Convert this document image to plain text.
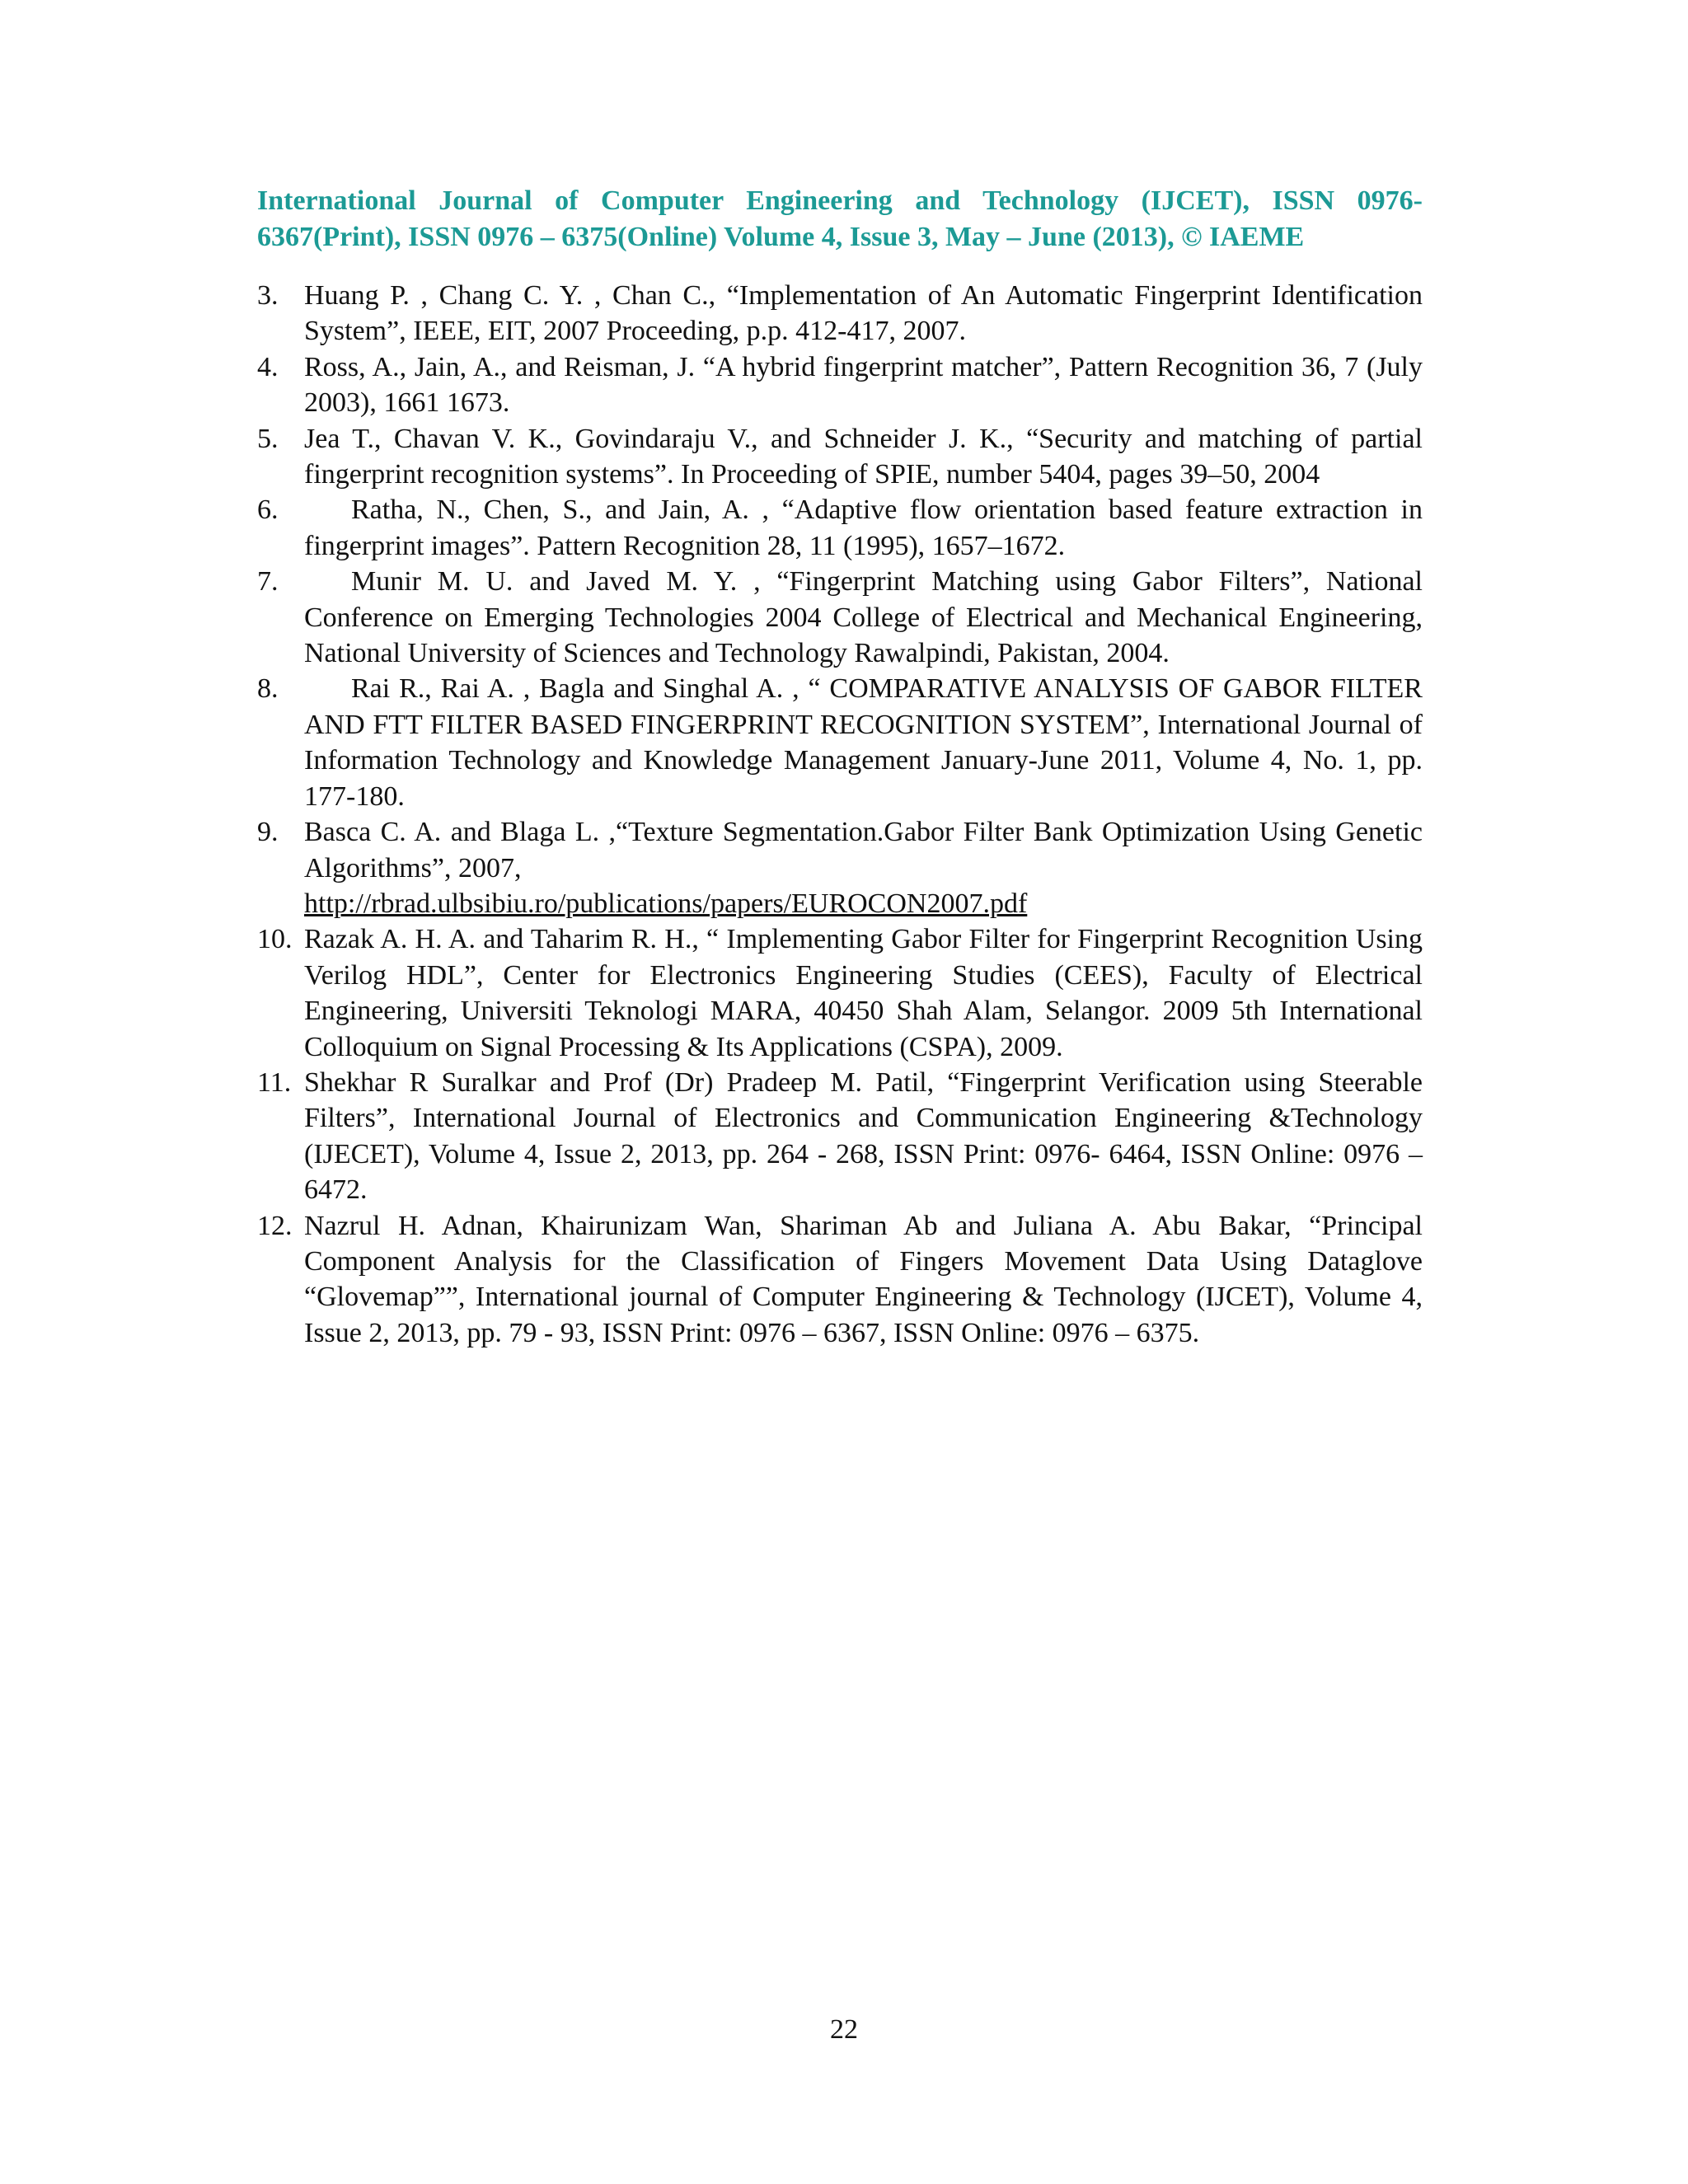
International Journal of Computer Engineering and Technology (IJCET), ISSN 0976-6367(Print), ISSN 0976 – 6375(Online) Volume 4, Issue 3, May – June (2013), © IAEME
3. Huang P. , Chang C. Y. , Chan C., “Implementation of An Automatic Fingerprint Identification System”, IEEE, EIT, 2007 Proceeding, p.p. 412-417, 2007.
4. Ross, A., Jain, A., and Reisman, J. “A hybrid fingerprint matcher”, Pattern Recognition 36, 7 (July 2003), 1661 1673.
5. Jea T., Chavan V. K., Govindaraju V., and Schneider J. K., “Security and matching of partial fingerprint recognition systems”. In Proceeding of SPIE, number 5404, pages 39–50, 2004
6.	Ratha, N., Chen, S., and Jain, A. , “Adaptive flow orientation based feature extraction in fingerprint images”. Pattern Recognition 28, 11 (1995), 1657–1672.
7.	Munir M. U. and Javed M. Y. , “Fingerprint Matching using Gabor Filters”, National Conference on Emerging Technologies 2004 College of Electrical and Mechanical Engineering, National University of Sciences and Technology Rawalpindi, Pakistan, 2004.
8.	Rai R., Rai A. , Bagla and Singhal A. , “ COMPARATIVE ANALYSIS OF GABOR FILTER AND FTT FILTER BASED FINGERPRINT RECOGNITION SYSTEM”, International Journal of Information Technology and Knowledge Management January-June 2011, Volume 4, No. 1, pp. 177-180.
9. Basca C. A. and Blaga L. ,“Texture Segmentation.Gabor Filter Bank Optimization Using Genetic Algorithms”, 2007,
http://rbrad.ulbsibiu.ro/publications/papers/EUROCON2007.pdf
10. Razak A. H. A. and Taharim R. H., “ Implementing Gabor Filter for Fingerprint Recognition Using Verilog HDL”, Center for Electronics Engineering Studies (CEES), Faculty of Electrical Engineering, Universiti Teknologi MARA, 40450 Shah Alam, Selangor. 2009 5th International Colloquium on Signal Processing & Its Applications (CSPA), 2009.
11. Shekhar R Suralkar and Prof (Dr) Pradeep M. Patil, “Fingerprint Verification using Steerable Filters”, International Journal of Electronics and Communication Engineering &Technology (IJECET), Volume 4, Issue 2, 2013, pp. 264 - 268, ISSN Print: 0976- 6464, ISSN Online: 0976 –6472.
12. Nazrul H. Adnan, Khairunizam Wan, Shariman Ab and Juliana A. Abu Bakar, “Principal Component Analysis for the Classification of Fingers Movement Data Using Dataglove “Glovemap””, International journal of Computer Engineering & Technology (IJCET), Volume 4, Issue 2, 2013, pp. 79 - 93, ISSN Print: 0976 – 6367, ISSN Online: 0976 – 6375.
22
